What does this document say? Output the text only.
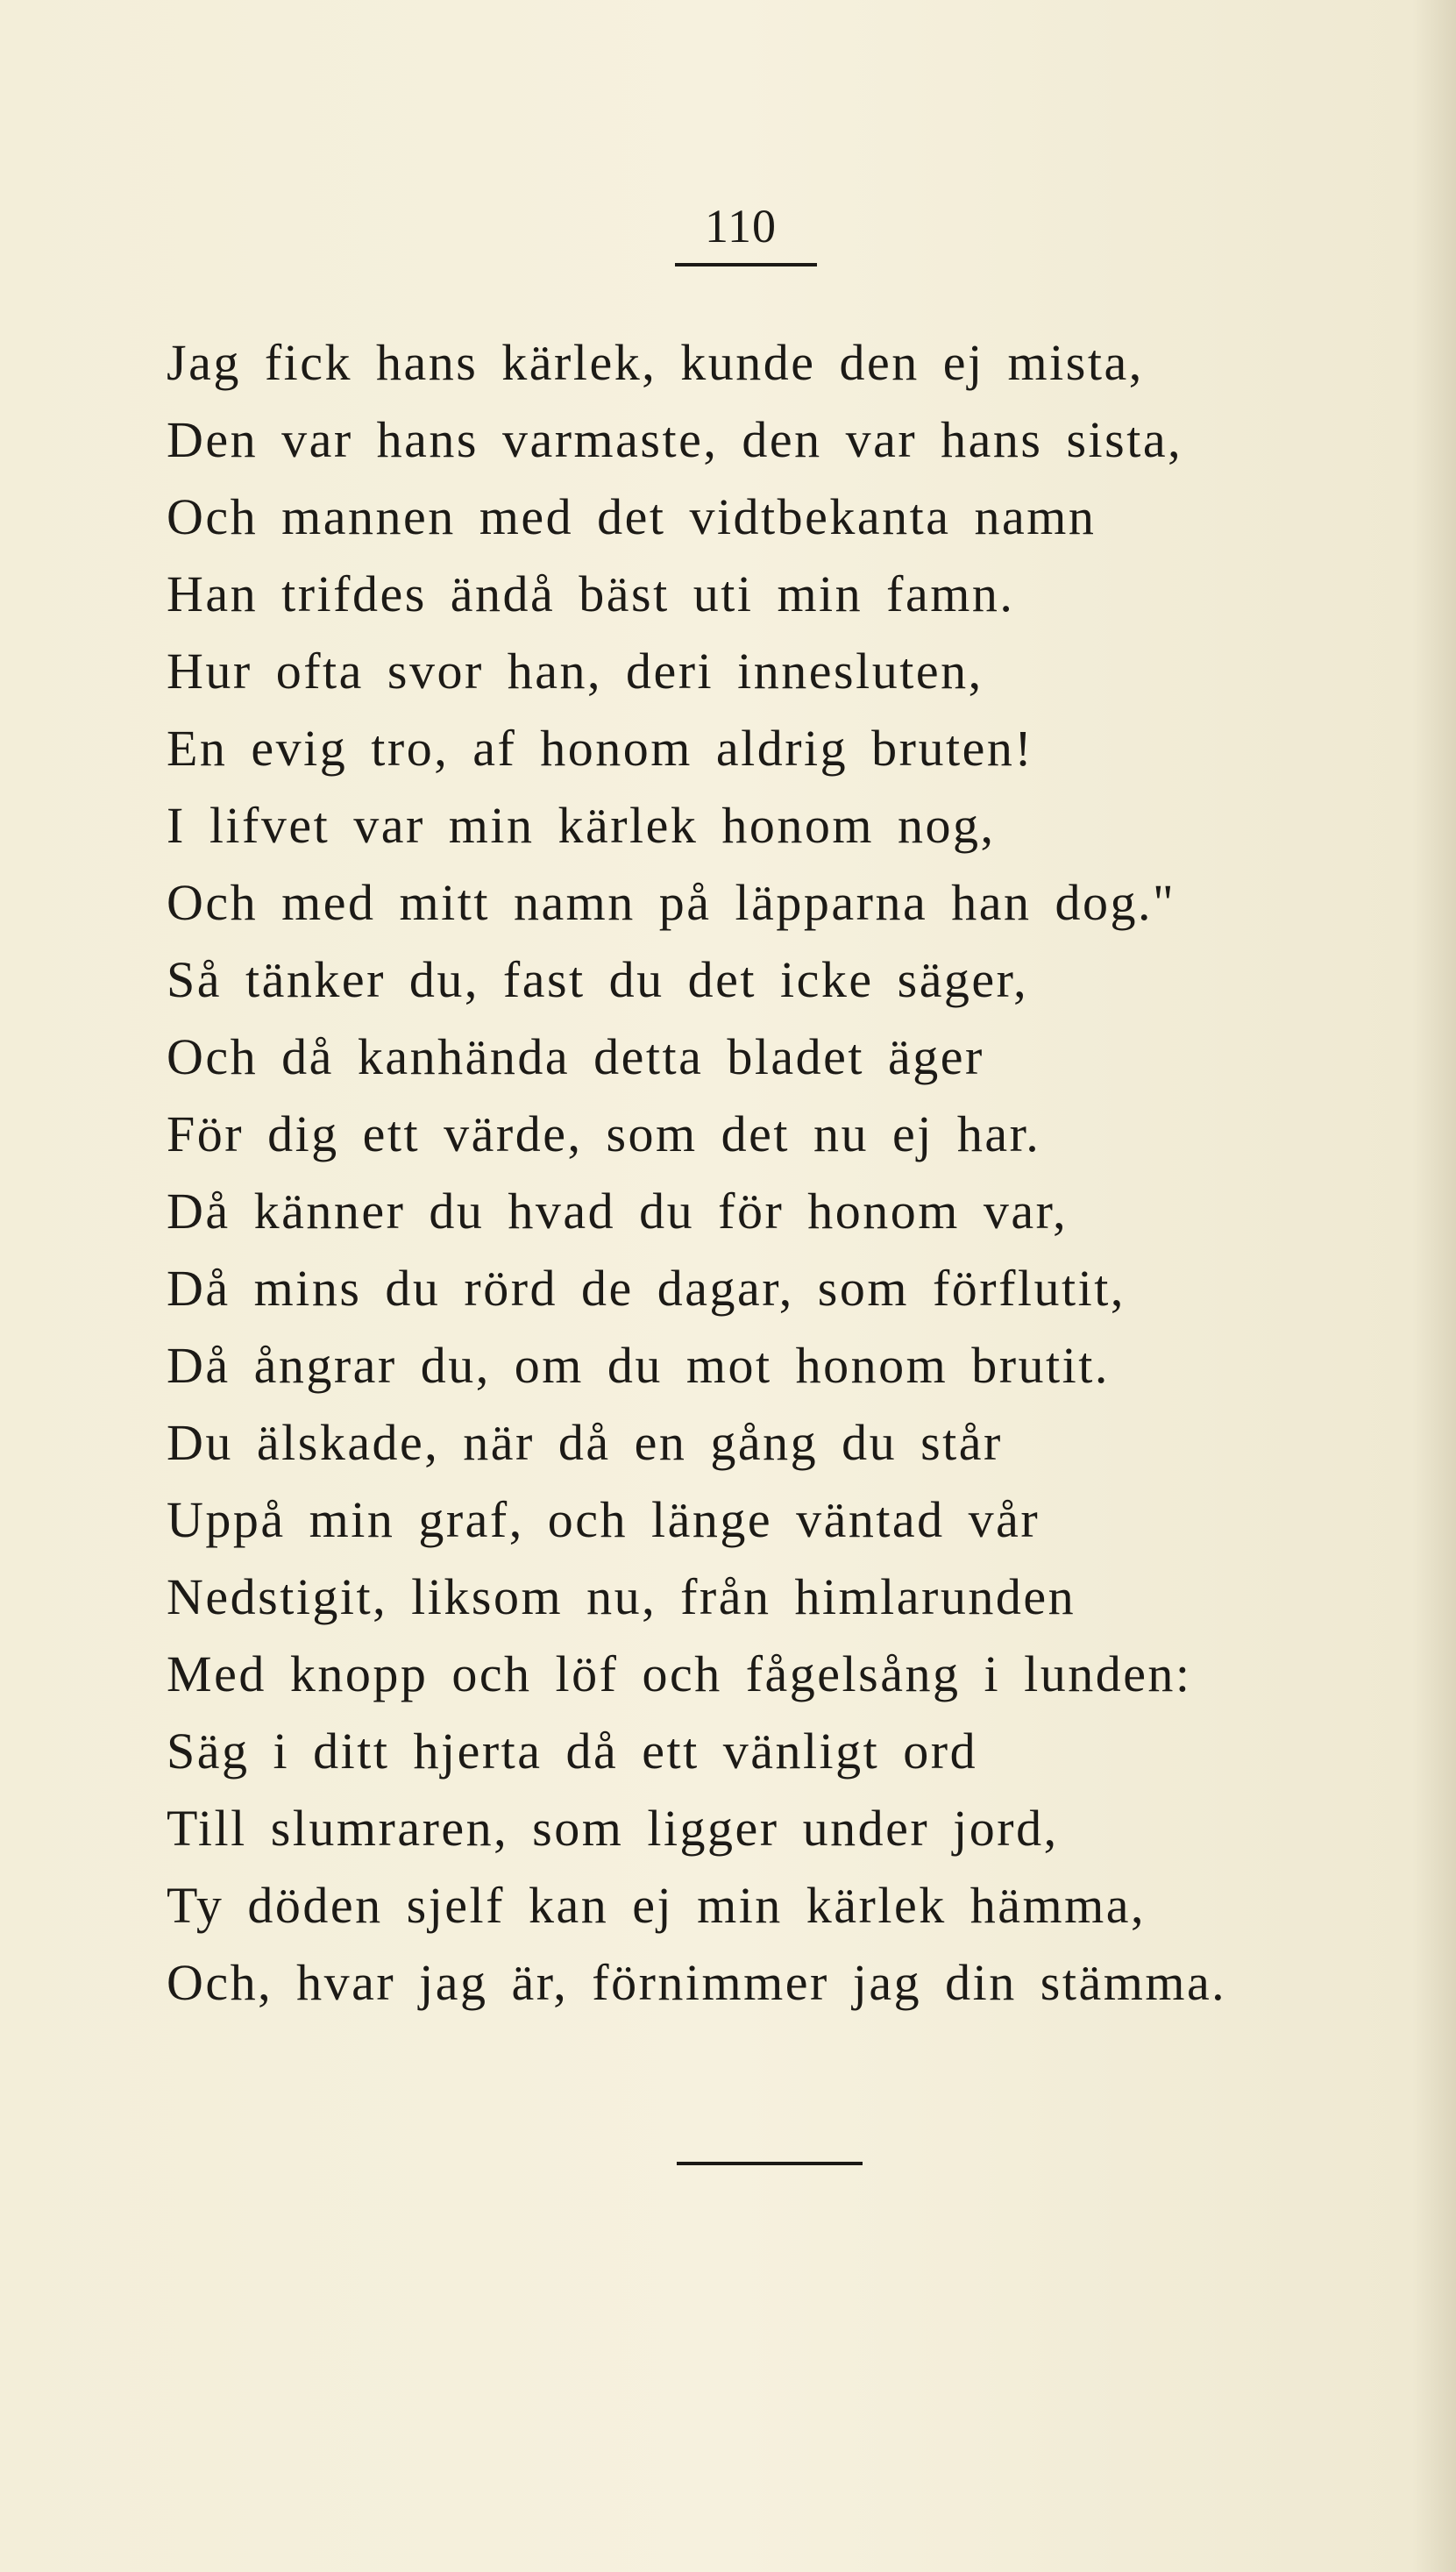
110
Jag fick hans kärlek, kunde den ej mista,
Den var hans varmaste, den var hans sista,
Och mannen med det vidtbekanta namn
Han trifdes ändå bäst uti min famn.
Hur ofta svor han, deri innesluten,
En evig tro, af honom aldrig bruten!
I lifvet var min kärlek honom nog,
Och med mitt namn på läpparna han dog."
Så tänker du, fast du det icke säger,
Och då kanhända detta bladet äger
För dig ett värde, som det nu ej har.
Då känner du hvad du för honom var,
Då mins du rörd de dagar, som förflutit,
Då ångrar du, om du mot honom brutit.
Du älskade, när då en gång du står
Uppå min graf, och länge väntad vår
Nedstigit, liksom nu, från himlarunden
Med knopp och löf och fågelsång i lunden:
Säg i ditt hjerta då ett vänligt ord
Till slumraren, som ligger under jord,
Ty döden sjelf kan ej min kärlek hämma,
Och, hvar jag är, förnimmer jag din stämma.
